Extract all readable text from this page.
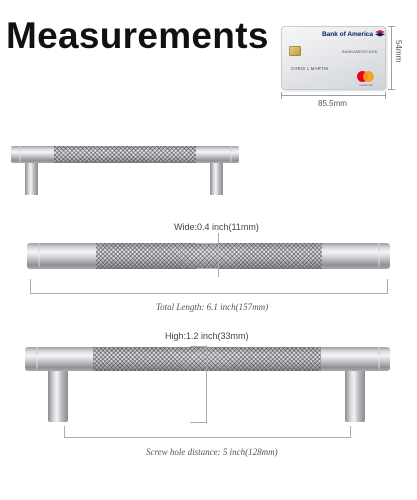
Measurements	Bank of America
BANKAMERICARD
CHRIS L MARTIN
mastercard
85.5mm
54mm
Wide:0.4 inch(11mm)
Total Length: 6.1 inch(157mm)
High:1.2 inch(33mm)
Screw hole distance: 5 inch(128mm)
